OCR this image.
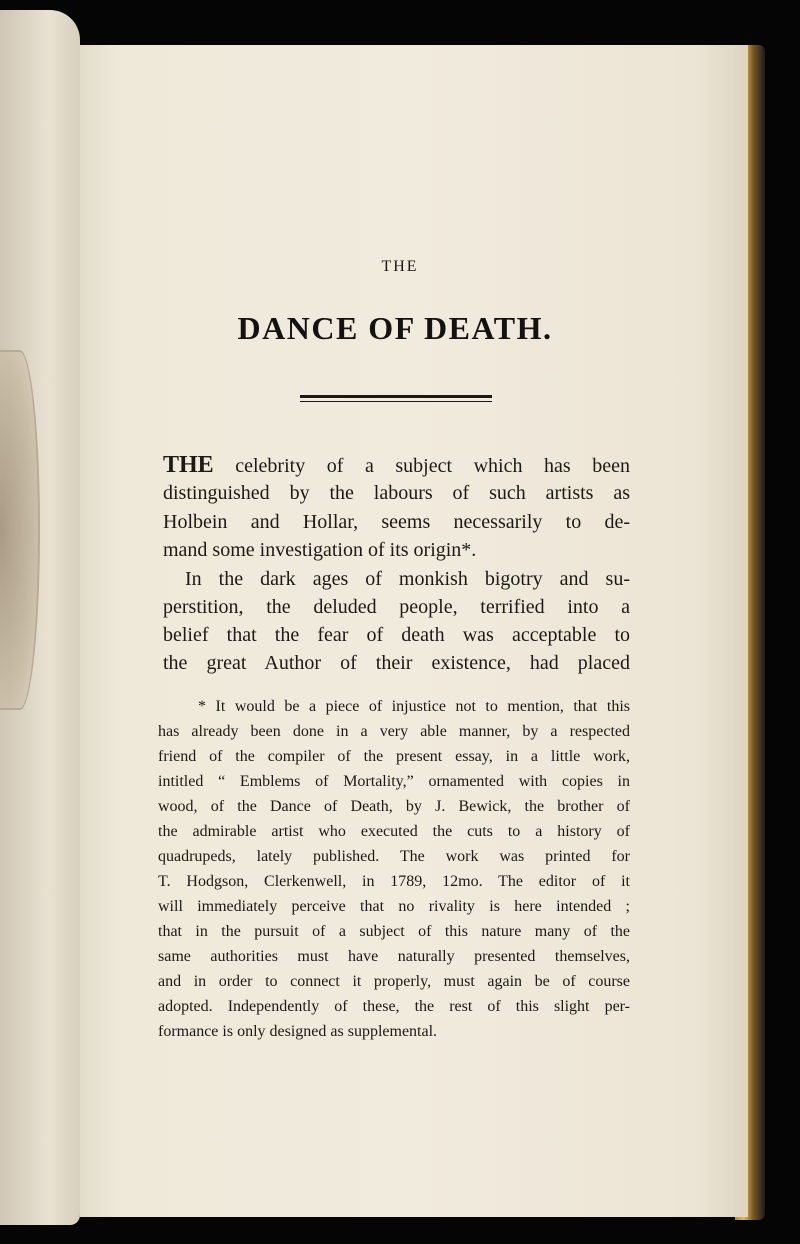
THE
DANCE OF DEATH.
THE celebrity of a subject which has been
distinguished by the labours of such artists as
Holbein and Hollar, seems necessarily to de-
mand some investigation of its origin*.
In the dark ages of monkish bigotry and su-
perstition, the deluded people, terrified into a
belief that the fear of death was acceptable to
the great Author of their existence, had placed
* It would be a piece of injustice not to mention, that this
has already been done in a very able manner, by a respected
friend of the compiler of the present essay, in a little work,
intitled “ Emblems of Mortality,” ornamented with copies in
wood, of the Dance of Death, by J. Bewick, the brother of
the admirable artist who executed the cuts to a history of
quadrupeds, lately published. The work was printed for
T. Hodgson, Clerkenwell, in 1789, 12mo. The editor of it
will immediately perceive that no rivality is here intended ;
that in the pursuit of a subject of this nature many of the
same authorities must have naturally presented themselves,
and in order to connect it properly, must again be of course
adopted. Independently of these, the rest of this slight per-
formance is only designed as supplemental.
